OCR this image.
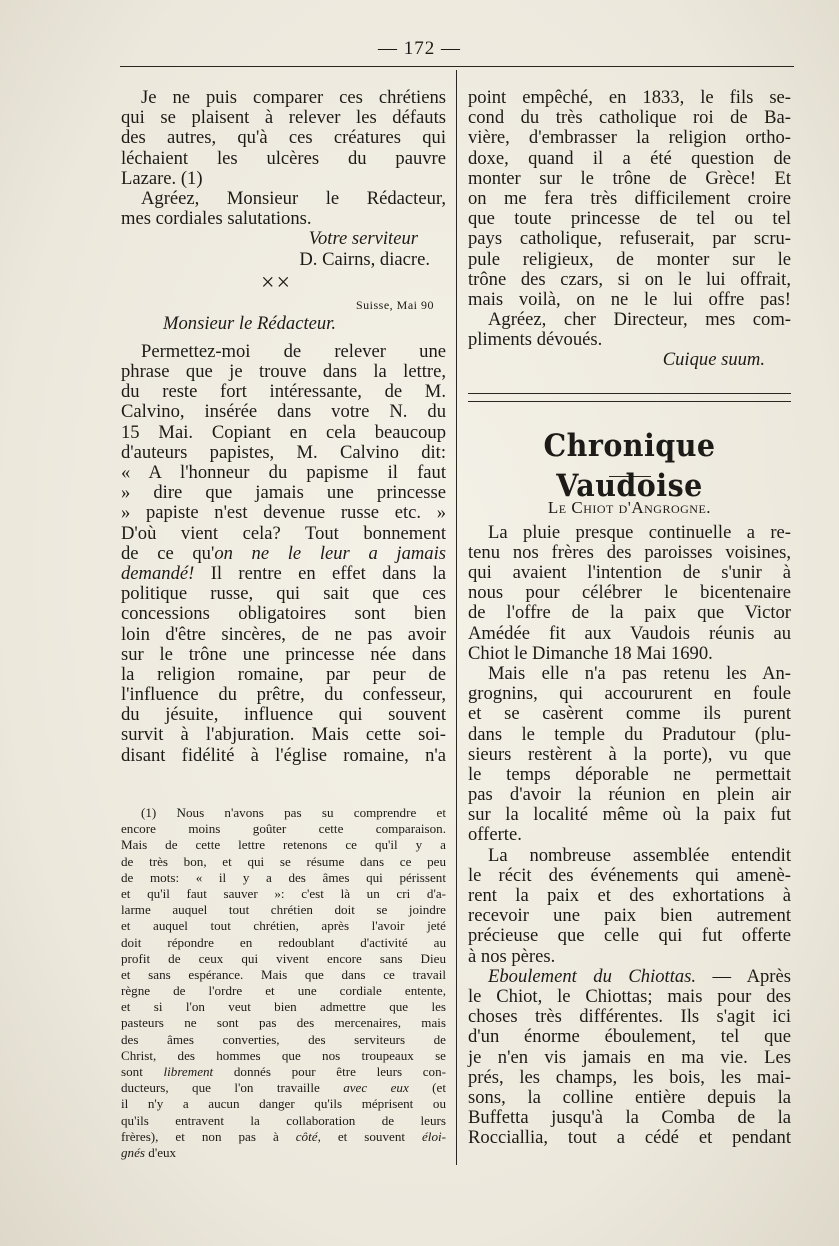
— 172 —
Je ne puis comparer ces chrétiens
qui se plaisent à relever les défauts
des autres, qu'à ces créatures qui
léchaient les ulcères du pauvre
Lazare. (1)
Agréez, Monsieur le Rédacteur,
mes cordiales salutations.
Votre serviteur
D. Cairns, diacre.
××
Suisse, Mai 90
Monsieur le Rédacteur.
Permettez-moi de relever une
phrase que je trouve dans la lettre,
du reste fort intéressante, de M.
Calvino, insérée dans votre N. du
15 Mai. Copiant en cela beaucoup
d'auteurs papistes, M. Calvino dit:
« A l'honneur du papisme il faut
» dire que jamais une princesse
» papiste n'est devenue russe etc. »
D'où vient cela? Tout bonnement
de ce qu'on ne le leur a jamais
demandé! Il rentre en effet dans la
politique russe, qui sait que ces
concessions obligatoires sont bien
loin d'être sincères, de ne pas avoir
sur le trône une princesse née dans
la religion romaine, par peur de
l'influence du prêtre, du confesseur,
du jésuite, influence qui souvent
survit à l'abjuration. Mais cette soi-
disant fidélité à l'église romaine, n'a
(1) Nous n'avons pas su comprendre et
encore moins goûter cette comparaison.
Mais de cette lettre retenons ce qu'il y a
de très bon, et qui se résume dans ce peu
de mots: « il y a des âmes qui périssent
et qu'il faut sauver »: c'est là un cri d'a-
larme auquel tout chrétien doit se joindre
et auquel tout chrétien, après l'avoir jeté
doit répondre en redoublant d'activité au
profit de ceux qui vivent encore sans Dieu
et sans espérance. Mais que dans ce travail
règne de l'ordre et une cordiale entente,
et si l'on veut bien admettre que les
pasteurs ne sont pas des mercenaires, mais
des âmes converties, des serviteurs de
Christ, des hommes que nos troupeaux se
sont librement donnés pour être leurs con-
ducteurs, que l'on travaille avec eux (et
il n'y a aucun danger qu'ils méprisent ou
qu'ils entravent la collaboration de leurs
frères), et non pas à côté, et souvent éloi-
gnés d'eux
point empêché, en 1833, le fils se-
cond du très catholique roi de Ba-
vière, d'embrasser la religion ortho-
doxe, quand il a été question de
monter sur le trône de Grèce! Et
on me fera très difficilement croire
que toute princesse de tel ou tel
pays catholique, refuserait, par scru-
pule religieux, de monter sur le
trône des czars, si on le lui offrait,
mais voilà, on ne le lui offre pas!
Agréez, cher Directeur, mes com-
pliments dévoués.
Cuique suum.
Chronique Vaudoise
Le Chiot d'Angrogne.
La pluie presque continuelle a re-
tenu nos frères des paroisses voisines,
qui avaient l'intention de s'unir à
nous pour célébrer le bicentenaire
de l'offre de la paix que Victor
Amédée fit aux Vaudois réunis au
Chiot le Dimanche 18 Mai 1690.
Mais elle n'a pas retenu les An-
grognins, qui accoururent en foule
et se casèrent comme ils purent
dans le temple du Pradutour (plu-
sieurs restèrent à la porte), vu que
le temps déporable ne permettait
pas d'avoir la réunion en plein air
sur la localité même où la paix fut
offerte.
La nombreuse assemblée entendit
le récit des événements qui amenè-
rent la paix et des exhortations à
recevoir une paix bien autrement
précieuse que celle qui fut offerte
à nos pères.
Eboulement du Chiottas. — Après
le Chiot, le Chiottas; mais pour des
choses très différentes. Ils s'agit ici
d'un énorme éboulement, tel que
je n'en vis jamais en ma vie. Les
prés, les champs, les bois, les mai-
sons, la colline entière depuis la
Buffetta jusqu'à la Comba de la
Rocciallia, tout a cédé et pendant
